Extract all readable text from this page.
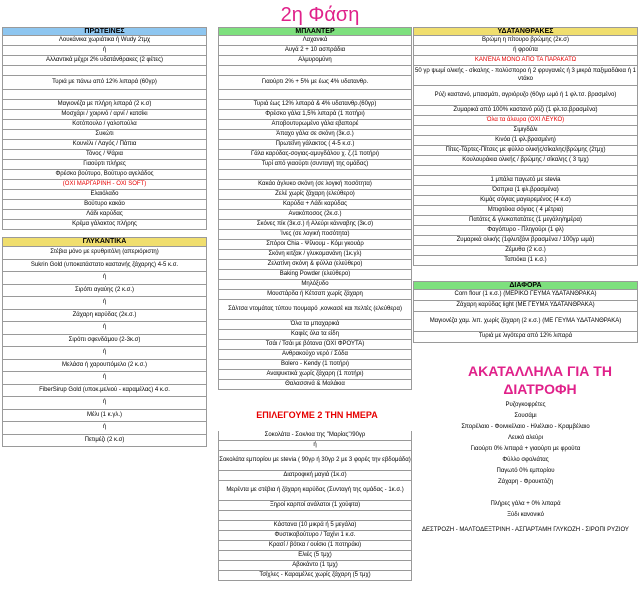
2η Φάση
ΠΡΩΤΕΙΝΕΣ
Λουκάνικα χωριάτικα ή Wudy 2τμχ
ή
Αλλαντικά μέχρι 2% υδατάνθρακες (2 φέτες)
Τυριά με πάνω από 12% λιπαρά (60γρ)
Μαγιονέζα με πλήρη λιπαρά (2 κ.σ)
Μοσχάρι / χοιρινό / αρνί / κατσίκι
Κοτόπουλο / γαλοπούλα
Συκώτι
Κουνέλι / Λαγός / Πάπια
Τόνος / Ψάρια
Γιαούρτι πλήρες
Φρέσκο βούτυρο, Βούτυρο αγελάδος
(ΟΧΙ ΜΑΡΓΑΡΙΝΗ - ΟΧΙ SOFT)
Ελαιόλαδο
Βούτυρο κακάο
Λάδι καρύδας
Κρέμα γάλακτος πλήρης
ΓΛΥΚΑΝΤΙΚΑ
Στέβια μόνο με ερυθριτόλη (απεριόριστη)
Sukrin Gold (υποκατάστατο καστανής ζάχαρης) 4-5 κ.σ.
ή
Σιρόπι αγαύης (2 κ.σ.)
ή
Ζάχαρη καρύδας (2κ.σ.)
ή
Σιρόπι σφενδάμου (2-3κ.σ)
ή
Μελάσα ή χαρουπόμελο (2 κ.σ.)
ή
FiberSirup Gold (υποκ.μελιού - καραμέλας) 4 κ.σ.
ή
Μέλι (1 κ.γλ.)
ή
Πετιμέζι (2 κ.σ)
ΜΠΛΑΝΤΕΡ
Λαχανικά
Αυγά 2 + 10 ασπράδια
Αλμυρομύνη
Γιαούρτι 2% + 5% με έως 4% υδατανθρ.
Τυριά έως 12% λιπαρά & 4% υδατανθρ.(60γρ)
Φρέσκο γάλα 1,5% λιπαρά (1 ποτήρι)
Αποβουτυρωμένο γάλα εβαπορέ
Άπαχο γάλα σε σκόνη (3κ.σ.)
Πρωτεΐνη γάλακτος ( 4-5 κ.σ.)
Γάλα καρύδας-σογιας-αμυγδάλου χ. ζ.(1 ποτήρι)
Τυρί από γιαούρτι (συνταγή της ομάδας)
Κακάο άγλυκο σκόνη (σε λογική ποσότητα)
Ζελέ χωρίς ζάχαρη (ελεύθερο)
Καρύδα + Λάδι καρύδας
Ανακόποσος (2κ.σ.)
Σκόνες πίκ (3κ.σ.) ή Αλεύρι κάνναβης (3κ.σ)
Ίνες (σε λογική ποσότητα)
Σπόροι Chia - Ψίλιουμ - Κόμι γκουάρ
Σκόνη κιτζακ / γλυκομανάνη (1κ.γλ)
Ζελατίνη σκόνη & φύλλα (ελεύθερο)
Baking Powder (ελεύθερο)
Μηλόξυδο
Μουστάρδα ή Κέτσαπ χωρίς ζάχαρη
Σάλτσα ντομάτας τύπου πουμαρό ,κονκασέ και πελτές (ελεύθερα)
Όλα τα μπαχαρικά
Καφές όλα τα είδη
Τσάι / Τσάι με βότανα (ΟΧΙ ΦΡΟΥΤΑ)
Ανθρακούχο νερό / Σόδα
Bolero - Kendy (1 ποτήρι)
Αναψυκτικά χωρίς ζάχαρη (1 ποτήρι)
Θαλασσινά & Μαλάκια
Σοκολάτα - Σοκ/κια της "Μαρίας"/90γρ
ή
Σοκολάτα εμπορίου με stevia ( 90γρ ή 30γρ 2 με 3 φορές την εβδομάδα)
Διατροφική μαγιά (1κ.σ)
Μερέντα με στέβια ή ζάχαρη καρύδας (Συνταγή της ομάδας - 1κ.σ.)
Ξηροί καρποί ανάλατοι (1 χούφτα)
Κάστανα (10 μικρά ή 5 μεγάλα)
Φυστικοβούτυρο / Ταχίνι 1 κ.σ.
Κρασί / βότκα / ουίσκι (1 ποτηράκι)
Ελιές (5 τμχ)
Αβοκάντο (1 τμχ)
Τσίχλες - Καραμέλες χωρίς ζάχαρη (5 τμχ)
ΕΠΙΛΕΓΟΥΜΕ 2 ΤΗΝ ΗΜΕΡΑ
ΥΔΑΤΑΝΘΡΑΚΕΣ
Βρώμη η πίτουρο βρώμης (2κ.σ)
ή φρούτα
ΚΑΝΈΝΑ ΜΟΝΟ ΑΠΟ ΤΑ ΠΑΡΑΚΑΤΩ
50 γρ ψωμί ολικής - σίκαλης - πολύσπορο ή 2 φρυγανιές ή 3 μικρά παξιμαδάκια ή 1 ντάκο
Ρύζι καστανό, μπασμάτι, αγριόρυζο (60γρ ωμό ή 1 φλ.τσ. βρασμένο)
Ζυμαρικά από 100% καστανό ρύζι (1 φλ.τσ.βρασμένα)
Όλα τα άλευρα (ΟΧΙ ΛΕΥΚΟ)
Σιμιγδάλι
Κινόα (1 φλ.βρασμένη)
Πίτες-Τάρτες-Πίτσες με φύλλο ολικής/σίκαλης/βρώμης (2τμχ)
Κουλουράκια ολικής / βρώμης / σίκαλης ( 3 τμχ)
1 μπάλα παγωτό με stevia
Όσπρια (1 φλ.βρασμένα)
Κιμάς σόγιας μαγειρεμένος (4 κ.σ)
Μπιφτέκια σόγιας ( 4 μέτρια)
Πατάτες & γλυκοπατάτες (1 μεγάλη/ημέρα)
Φαγόπυρο - Πληγούρι (1 φλ)
Ζυμαρικά ολικής (1φλυτζάνι βρασμένα / 100γρ ωμά)
Ζέμυθα (2 κ.σ.)
Ταπιόκα (1 κ.σ.)
ΔΙΑΦΟΡΑ
Corn flour (1 κ.σ.) (ΜΕΡΙΚΟ ΓΕΥΜΑ ΥΔΑΤΑΝΘΡΑΚΑ)
Ζάχαρη καρύδας light (ΜΕ ΓΕΥΜΑ ΥΔΑΤΑΝΘΡΑΚΑ)
Μαγιονέζα χαμ. λιπ. χωρίς ζάχαρη (2 κ.σ.) (ΜΕ ΓΕΥΜΑ ΥΔΑΤΑΝΘΡΑΚΑ)
Τυριά με λιγότερα από 12% λιπαρά
ΑΚΑΤΑΛΛΗΛΑ ΓΙΑ ΤΗ ΔΙΑΤΡΟΦΗ
Ρυζογκοφρέτες
Σουσάμι
Σπορέλαιο - Φοινικέλαιο - Ηλιέλαιο - Κραμβέλαιο
Λευκό αλεύρι
Γιαούρτι 0% λιπαρά + γιαούρτι με φρούτα
Φύλλο σφολιάτας
Παγωτό 0% εμπορίου
Ζάχαρη - Φρουκτόζη
Πλήρες γάλα + 0% λιπαρά
Ξύδι κανονικό
ΔΕΣΤΡΟΖΗ - ΜΑΛΤΟΔΕΞΤΡΙΝΗ - ΑΣΠΑΡΤΑΜΗ ΓΛΥΚΟΖΗ - ΣΙΡΟΠΙ ΡΥΖΙΟΥ
